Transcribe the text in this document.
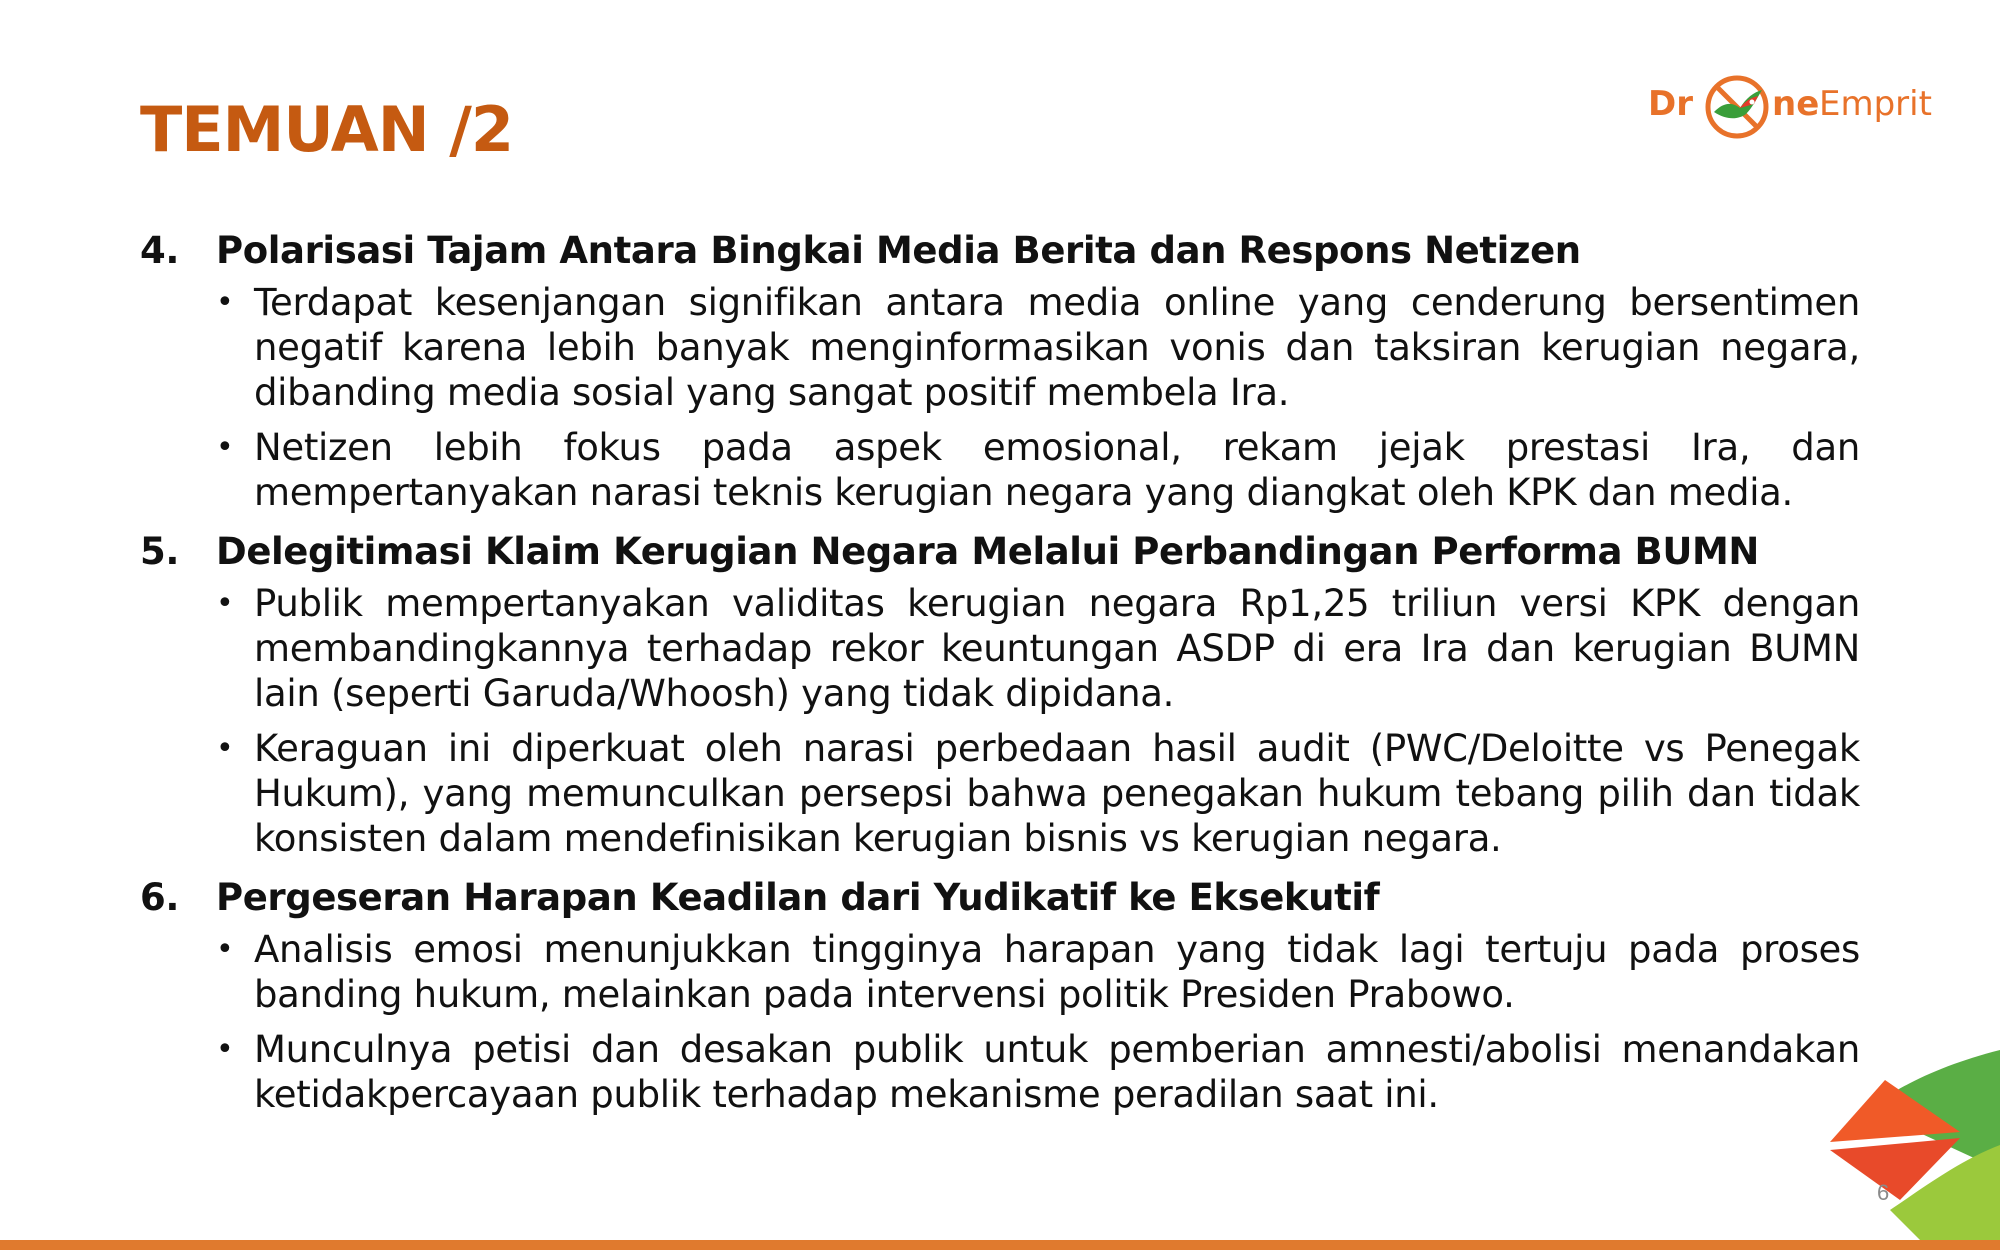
TEMUAN /2	Dr ne Emprit
4. Polarisasi Tajam Antara Bingkai Media Berita dan Respons Netizen
• Terdapat kesenjangan signifikan antara media online yang cenderung bersentimen negatif karena lebih banyak menginformasikan vonis dan taksiran kerugian negara, dibanding media sosial yang sangat positif membela Ira.
• Netizen lebih fokus pada aspek emosional, rekam jejak prestasi Ira, dan mempertanyakan narasi teknis kerugian negara yang diangkat oleh KPK dan media.
5. Delegitimasi Klaim Kerugian Negara Melalui Perbandingan Performa BUMN
• Publik mempertanyakan validitas kerugian negara Rp1,25 triliun versi KPK dengan membandingkannya terhadap rekor keuntungan ASDP di era Ira dan kerugian BUMN lain (seperti Garuda/Whoosh) yang tidak dipidana.
• Keraguan ini diperkuat oleh narasi perbedaan hasil audit (PWC/Deloitte vs Penegak Hukum), yang memunculkan persepsi bahwa penegakan hukum tebang pilih dan tidak konsisten dalam mendefinisikan kerugian bisnis vs kerugian negara.
6. Pergeseran Harapan Keadilan dari Yudikatif ke Eksekutif
• Analisis emosi menunjukkan tingginya harapan yang tidak lagi tertuju pada proses banding hukum, melainkan pada intervensi politik Presiden Prabowo.
• Munculnya petisi dan desakan publik untuk pemberian amnesti/abolisi menandakan ketidakpercayaan publik terhadap mekanisme peradilan saat ini.
6
